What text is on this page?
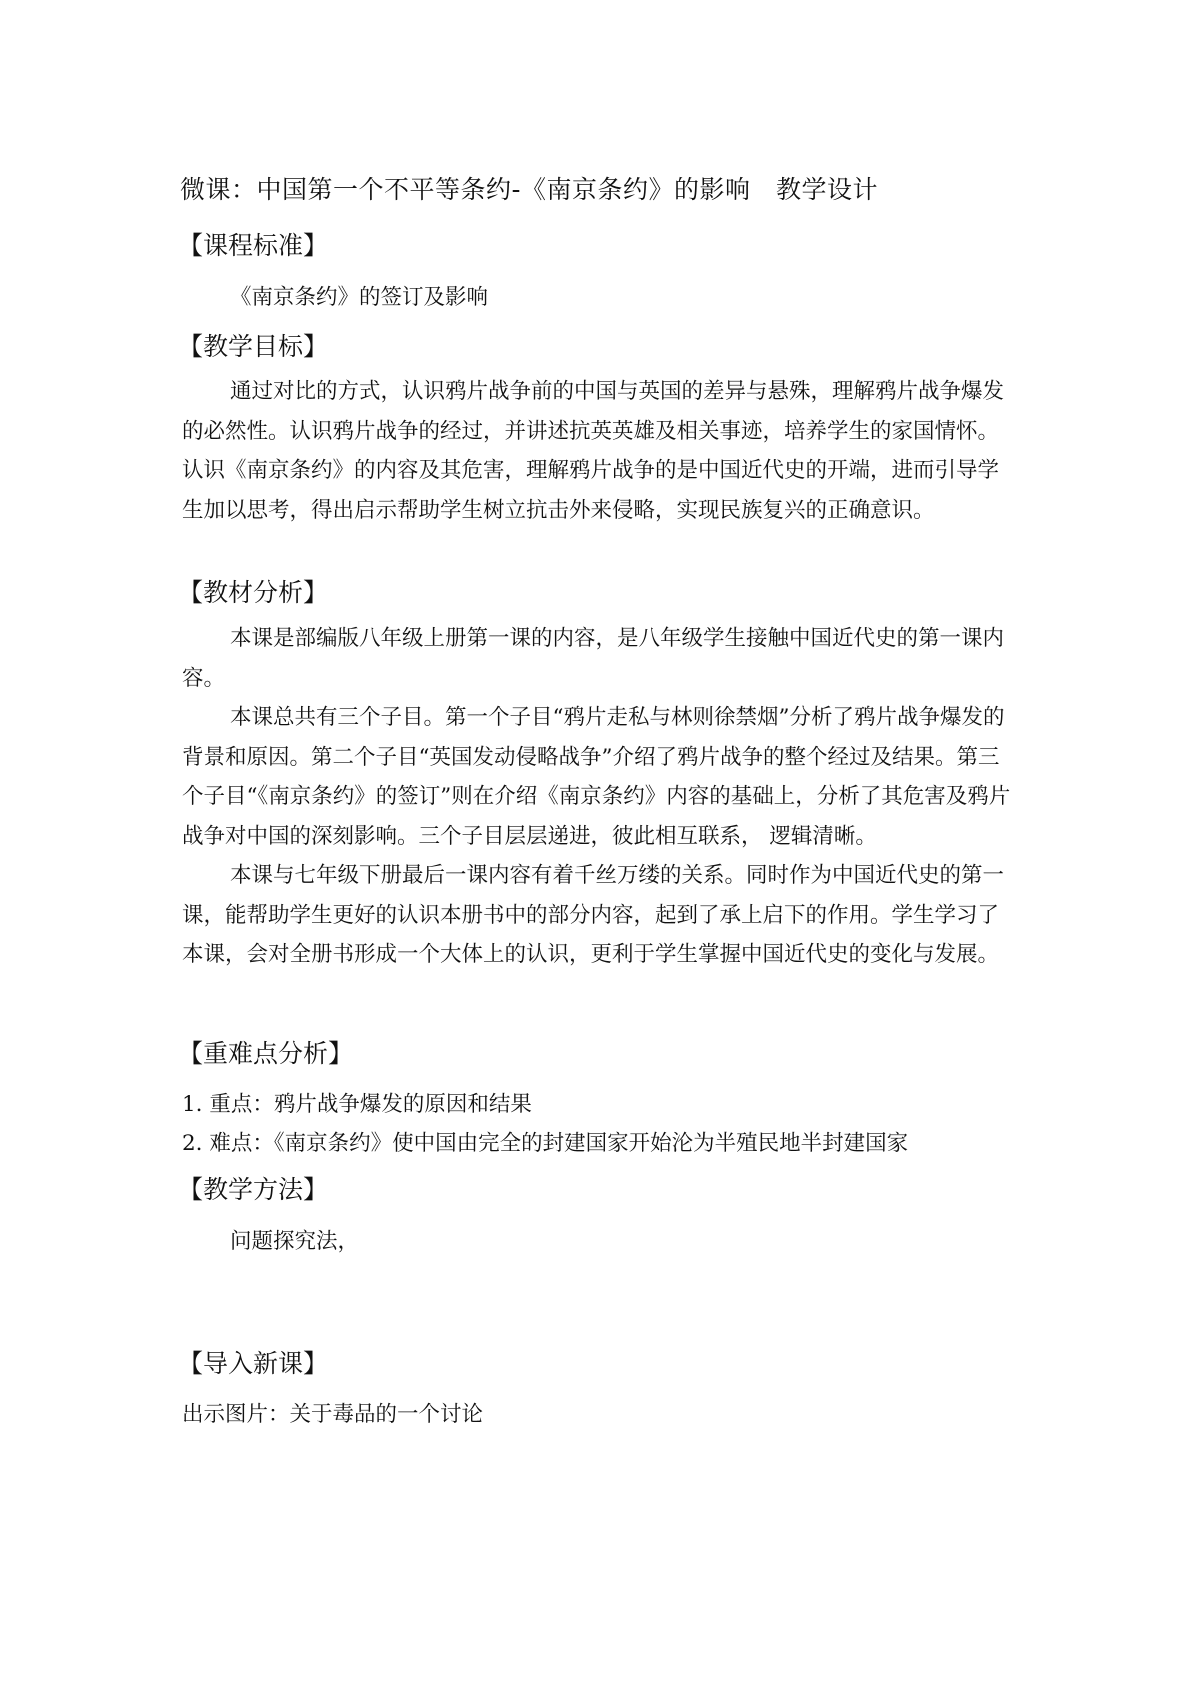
微课：中国第一个不平等条约-《南京条约》的影响　教学设计
【课程标准】
《南京条约》的签订及影响
【教学目标】
通过对比的方式，认识鸦片战争前的中国与英国的差异与悬殊，理解鸦片战争爆发的必然性。认识鸦片战争的经过，并讲述抗英英雄及相关事迹，培养学生的家国情怀。认识《南京条约》的内容及其危害，理解鸦片战争的是中国近代史的开端，进而引导学生加以思考，得出启示帮助学生树立抗击外来侵略，实现民族复兴的正确意识。
【教材分析】
本课是部编版八年级上册第一课的内容，是八年级学生接触中国近代史的第一课内容。
本课总共有三个子目。第一个子目“鸦片走私与林则徐禁烟”分析了鸦片战争爆发的背景和原因。第二个子目“英国发动侵略战争”介绍了鸦片战争的整个经过及结果。第三个子目“《南京条约》的签订”则在介绍《南京条约》内容的基础上，分析了其危害及鸦片战争对中国的深刻影响。三个子目层层递进，彼此相互联系， 逻辑清晰。
本课与七年级下册最后一课内容有着千丝万缕的关系。同时作为中国近代史的第一课，能帮助学生更好的认识本册书中的部分内容，起到了承上启下的作用。学生学习了本课，会对全册书形成一个大体上的认识，更利于学生掌握中国近代史的变化与发展。
【重难点分析】
1. 重点：鸦片战争爆发的原因和结果
2. 难点：《南京条约》使中国由完全的封建国家开始沦为半殖民地半封建国家
【教学方法】
问题探究法，
【导入新课】
出示图片：关于毒品的一个讨论
